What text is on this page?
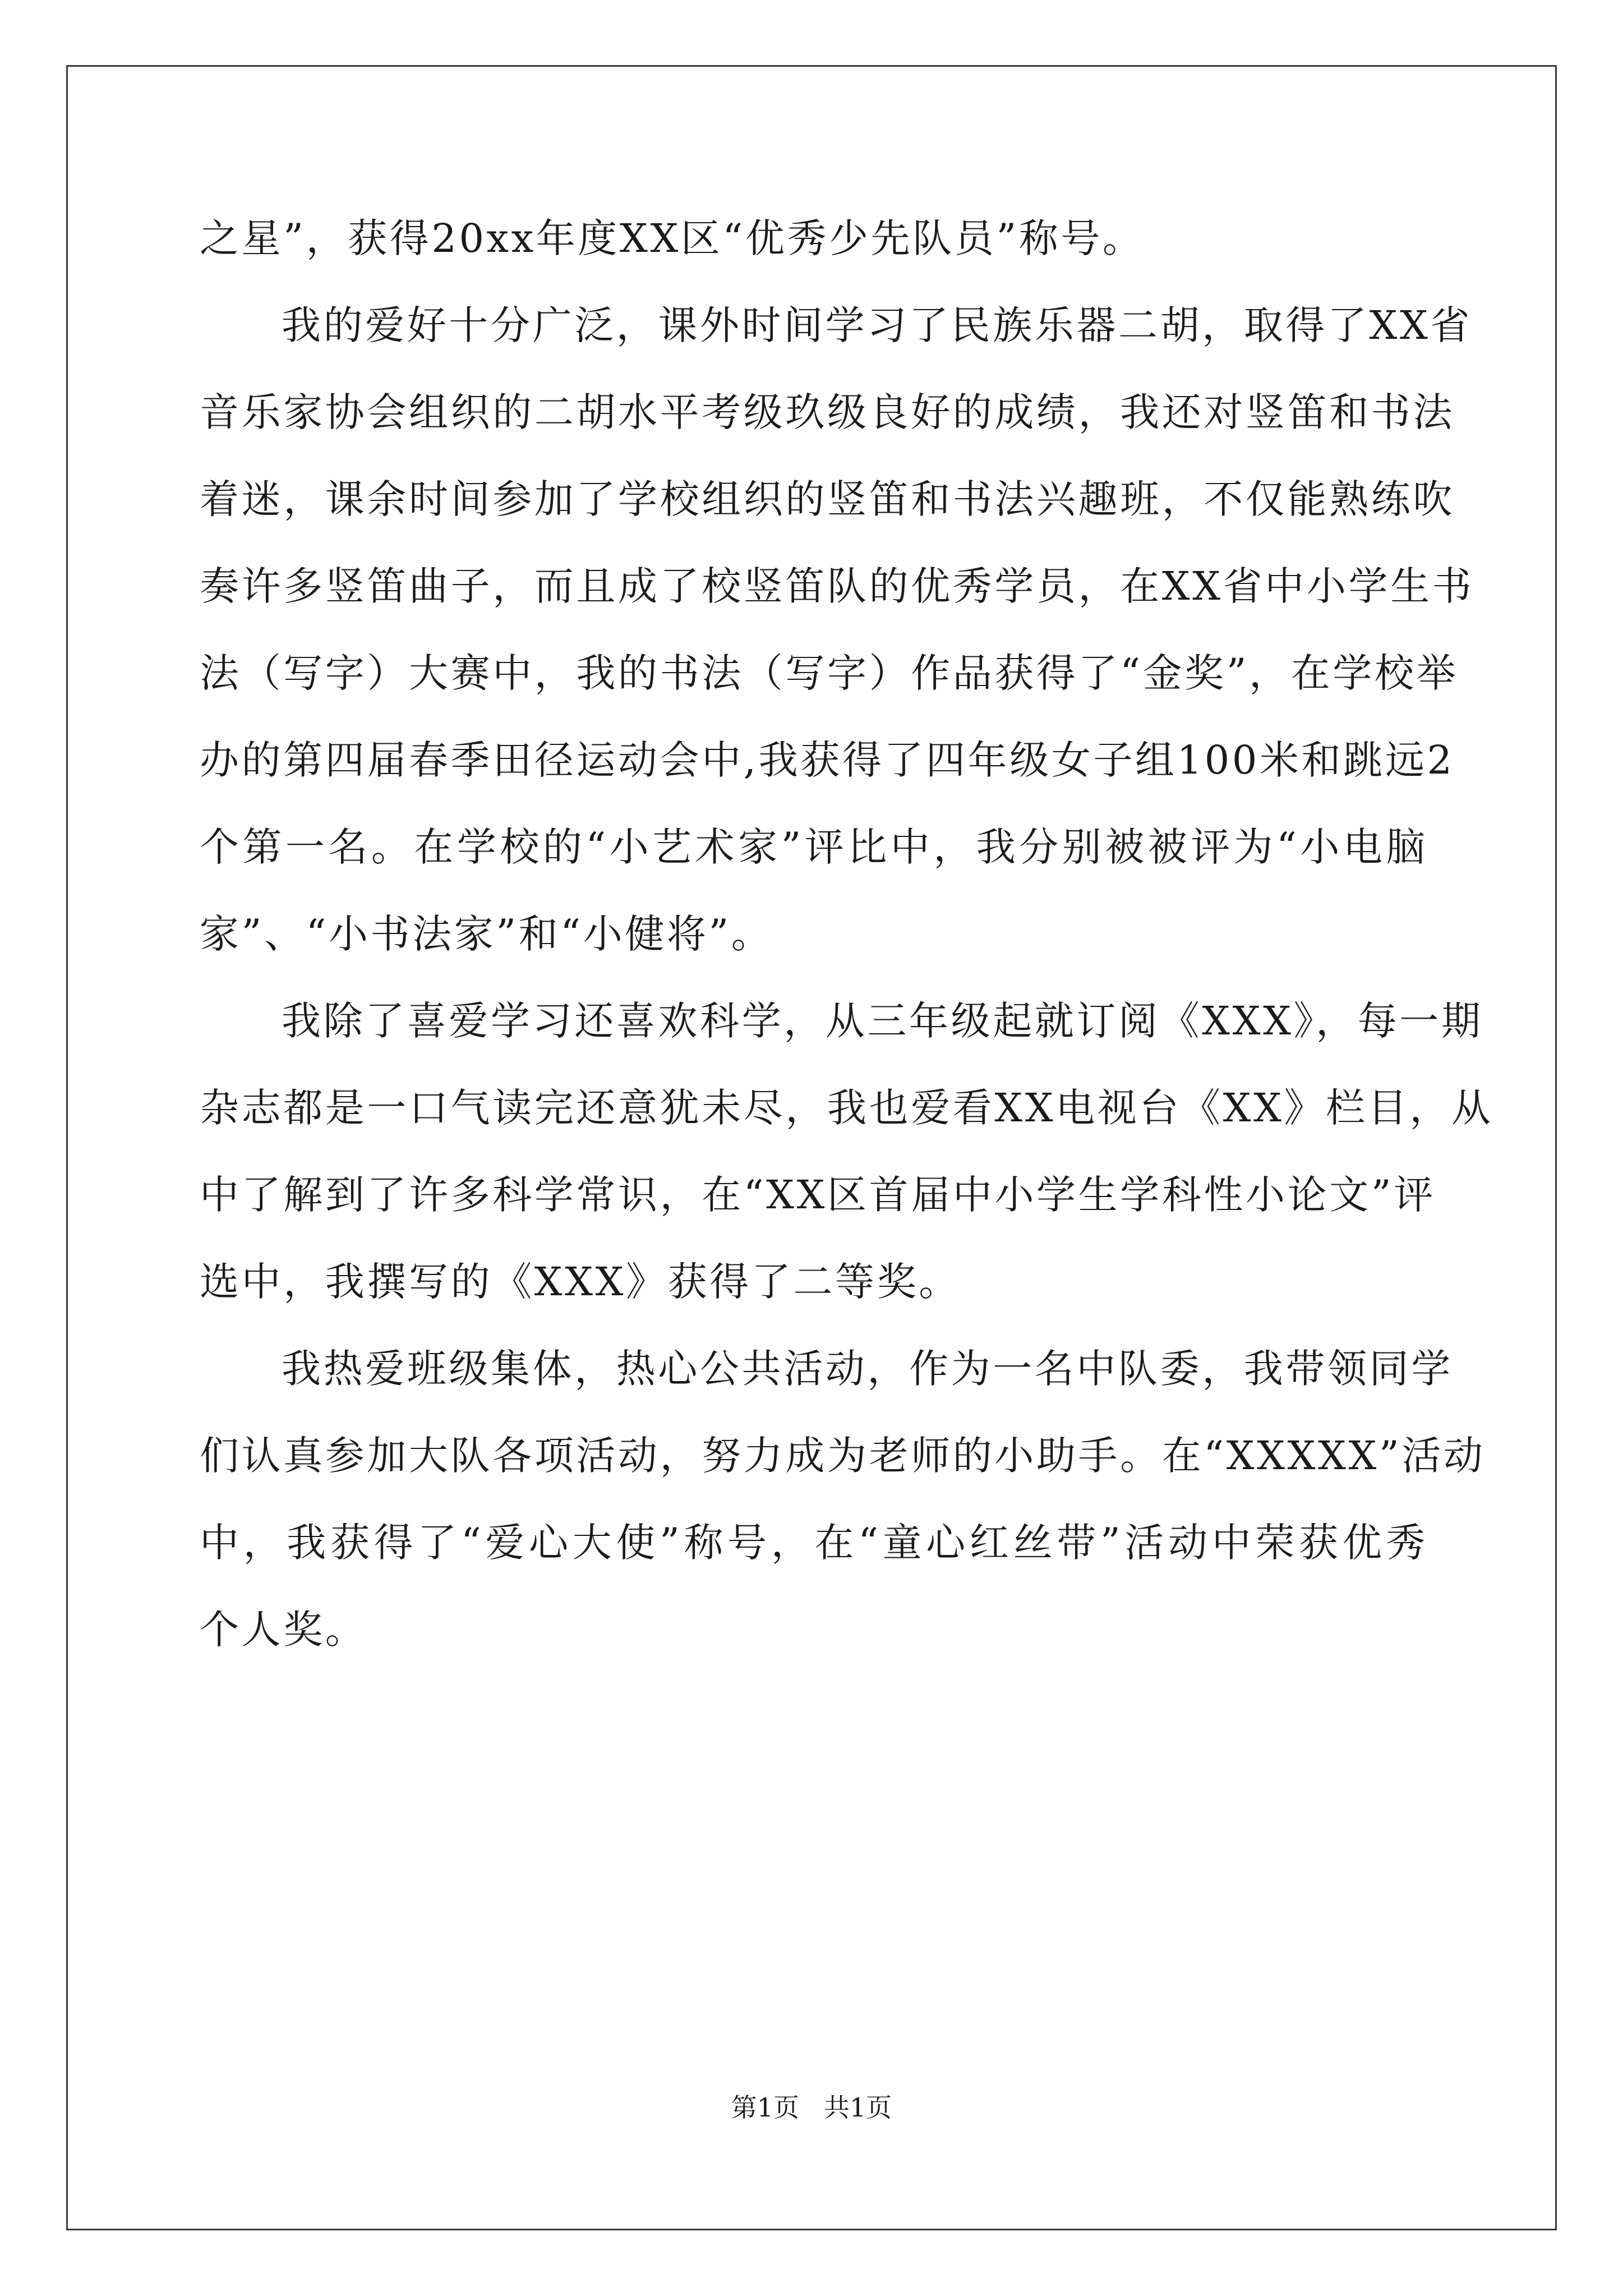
之星”，获得20xx年度XX区“优秀少先队员”称号。
我的爱好十分广泛，课外时间学习了民族乐器二胡，取得了XX省
音乐家协会组织的二胡水平考级玖级良好的成绩，我还对竖笛和书法
着迷，课余时间参加了学校组织的竖笛和书法兴趣班，不仅能熟练吹
奏许多竖笛曲子，而且成了校竖笛队的优秀学员，在XX省中小学生书
法（写字）大赛中，我的书法（写字）作品获得了“金奖”，在学校举
办的第四届春季田径运动会中,我获得了四年级女子组100米和跳远2
个第一名。在学校的“小艺术家”评比中，我分别被被评为“小电脑
家”、“小书法家”和“小健将”。
我除了喜爱学习还喜欢科学，从三年级起就订阅《XXX》，每一期
杂志都是一口气读完还意犹未尽，我也爱看XX电视台《XX》栏目，从
中了解到了许多科学常识，在“XX区首届中小学生学科性小论文”评
选中，我撰写的《XXX》获得了二等奖。
我热爱班级集体，热心公共活动，作为一名中队委，我带领同学
们认真参加大队各项活动，努力成为老师的小助手。在“XXXXX”活动
中，我获得了“爱心大使”称号，在“童心红丝带”活动中荣获优秀
个人奖。
第1页 共1页
